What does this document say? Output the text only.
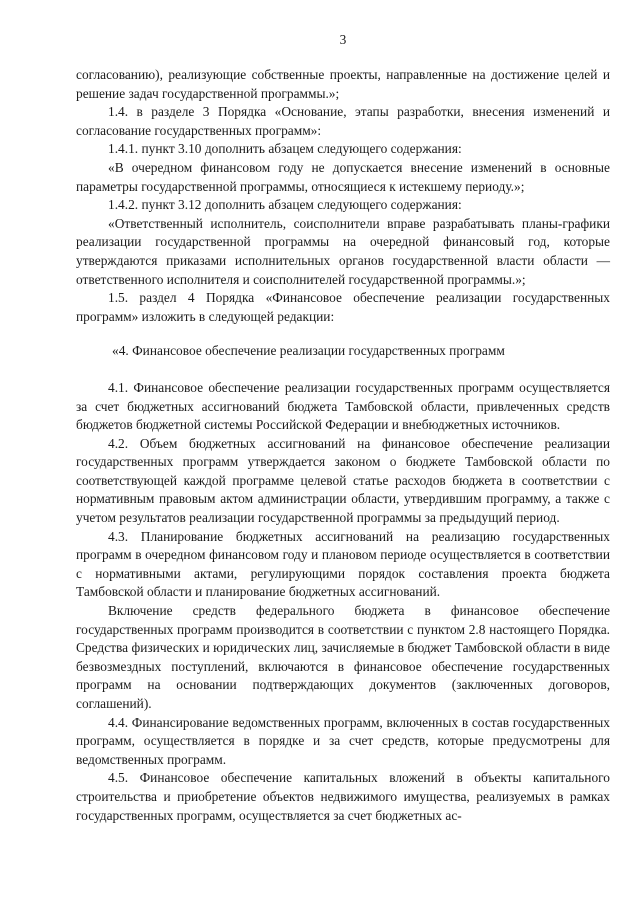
3

согласованию), реализующие собственные проекты, направленные на достижение целей и решение задач государственной программы.»;

1.4. в разделе 3 Порядка «Основание, этапы разработки, внесения изменений и согласование государственных программ»:

1.4.1. пункт 3.10 дополнить абзацем следующего содержания:

«В очередном финансовом году не допускается внесение изменений в основные параметры государственной программы, относящиеся к истекшему периоду.»;

1.4.2. пункт 3.12 дополнить абзацем следующего содержания:

«Ответственный исполнитель, соисполнители вправе разрабатывать планы-графики реализации государственной программы на очередной финансовый год, которые утверждаются приказами исполнительных органов государственной власти области — ответственного исполнителя и соисполнителей государственной программы.»;

1.5. раздел 4 Порядка «Финансовое обеспечение реализации государственных программ» изложить в следующей редакции:

«4. Финансовое обеспечение реализации государственных программ

4.1. Финансовое обеспечение реализации государственных программ осуществляется за счет бюджетных ассигнований бюджета Тамбовской области, привлеченных средств бюджетов бюджетной системы Российской Федерации и внебюджетных источников.

4.2. Объем бюджетных ассигнований на финансовое обеспечение реализации государственных программ утверждается законом о бюджете Тамбовской области по соответствующей каждой программе целевой статье расходов бюджета в соответствии с нормативным правовым актом администрации области, утвердившим программу, а также с учетом результатов реализации государственной программы за предыдущий период.

4.3. Планирование бюджетных ассигнований на реализацию государственных программ в очередном финансовом году и плановом периоде осуществляется в соответствии с нормативными актами, регулирующими порядок составления проекта бюджета Тамбовской области и планирование бюджетных ассигнований.

Включение средств федерального бюджета в финансовое обеспечение государственных программ производится в соответствии с пунктом 2.8 настоящего Порядка. Средства физических и юридических лиц, зачисляемые в бюджет Тамбовской области в виде безвозмездных поступлений, включаются в финансовое обеспечение государственных программ на основании подтверждающих документов (заключенных договоров, соглашений).

4.4. Финансирование ведомственных программ, включенных в состав государственных программ, осуществляется в порядке и за счет средств, которые предусмотрены для ведомственных программ.

4.5. Финансовое обеспечение капитальных вложений в объекты капитального строительства и приобретение объектов недвижимого имущества, реализуемых в рамках государственных программ, осуществляется за счет бюджетных ас-
